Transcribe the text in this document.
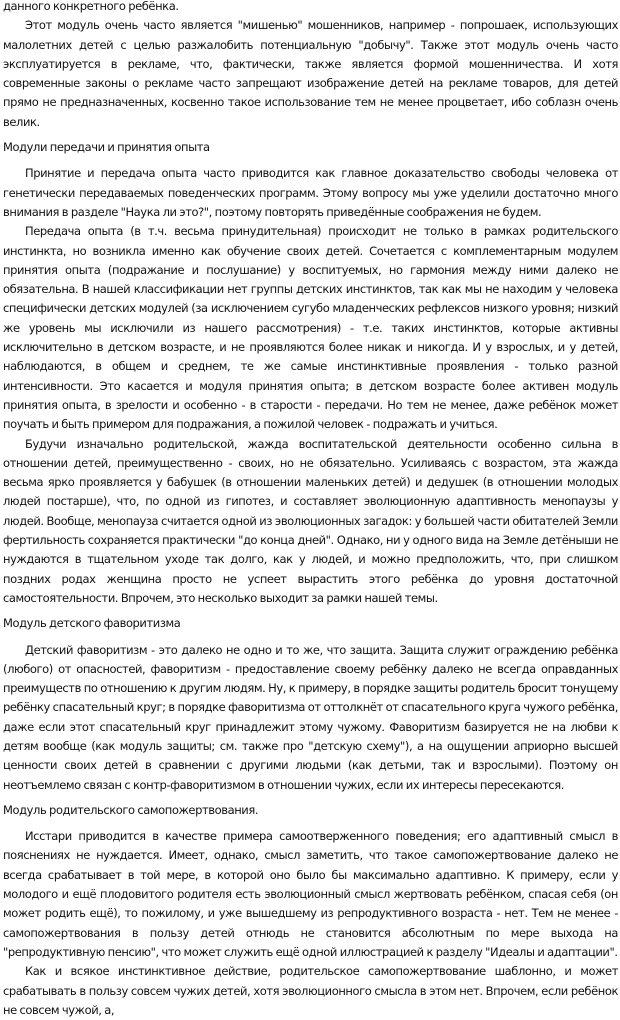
данного конкретного ребёнка.

Этот модуль очень часто является "мишенью" мошенников, например - попрошаек, использующих малолетних детей с целью разжалобить потенциальную "добычу". Также этот модуль очень часто эксплуатируется в рекламе, что, фактически, также является формой мошенничества. И хотя современные законы о рекламе часто запрещают изображение детей на рекламе товаров, для детей прямо не предназначенных, косвенно такое использование тем не менее процветает, ибо соблазн очень велик.

Модули передачи и принятия опыта

Принятие и передача опыта часто приводится как главное доказательство свободы человека от генетически передаваемых поведенческих программ. Этому вопросу мы уже уделили достаточно много внимания в разделе "Наука ли это?", поэтому повторять приведённые соображения не будем.

Передача опыта (в т.ч. весьма принудительная) происходит не только в рамках родительского инстинкта, но возникла именно как обучение своих детей. Сочетается с комплементарным модулем принятия опыта (подражание и послушание) у воспитуемых, но гармония между ними далеко не обязательна. В нашей классификации нет группы детских инстинктов, так как мы не находим у человека специфически детских модулей (за исключением сугубо младенческих рефлексов низкого уровня; низкий же уровень мы исключили из нашего рассмотрения) - т.е. таких инстинктов, которые активны исключительно в детском возрасте, и не проявляются более никак и никогда. И у взрослых, и у детей, наблюдаются, в общем и среднем, те же самые инстинктивные проявления - только разной интенсивности. Это касается и модуля принятия опыта; в детском возрасте более активен модуль принятия опыта, в зрелости и особенно - в старости - передачи. Но тем не менее, даже ребёнок может поучать и быть примером для подражания, а пожилой человек - подражать и учиться.

Будучи изначально родительской, жажда воспитательской деятельности особенно сильна в отношении детей, преимущественно - своих, но не обязательно. Усиливаясь с возрастом, эта жажда весьма ярко проявляется у бабушек (в отношении маленьких детей) и дедушек (в отношении молодых людей постарше), что, по одной из гипотез, и составляет эволюционную адаптивность менопаузы у людей. Вообще, менопауза считается одной из эволюционных загадок: у большей части обитателей Земли фертильность сохраняется практически "до конца дней". Однако, ни у одного вида на Земле детёныши не нуждаются в тщательном уходе так долго, как у людей, и можно предположить, что, при слишком поздних родах женщина просто не успеет вырастить этого ребёнка до уровня достаточной самостоятельности. Впрочем, это несколько выходит за рамки нашей темы.

Модуль детского фаворитизма

Детский фаворитизм - это далеко не одно и то же, что защита. Защита служит ограждению ребёнка (любого) от опасностей, фаворитизм - предоставление своему ребёнку далеко не всегда оправданных преимуществ по отношению к другим людям. Ну, к примеру, в порядке защиты родитель бросит тонущему ребёнку спасательный круг; в порядке фаворитизма от оттолкнёт от спасательного круга чужого ребёнка, даже если этот спасательный круг принадлежит этому чужому. Фаворитизм базируется не на любви к детям вообще (как модуль защиты; см. также про "детскую схему"), а на ощущении априорно высшей ценности своих детей в сравнении с другими людьми (как детьми, так и взрослыми). Поэтому он неотъемлемо связан с контр-фаворитизмом в отношении чужих, если их интересы пересекаются.

Модуль родительского самопожертвования.

Исстари приводится в качестве примера самоотверженного поведения; его адаптивный смысл в пояснениях не нуждается. Имеет, однако, смысл заметить, что такое самопожертвование далеко не всегда срабатывает в той мере, в которой оно было бы максимально адаптивно. К примеру, если у молодого и ещё плодовитого родителя есть эволюционный смысл жертвовать ребёнком, спасая себя (он может родить ещё), то пожилому, и уже вышедшему из репродуктивного возраста - нет. Тем не менее - самопожертвования в пользу детей отнюдь не становится абсолютным по мере выхода на "репродуктивную пенсию", что может служить ещё одной иллюстрацией к разделу "Идеалы и адаптации".

Как и всякое инстинктивное действие, родительское самопожертвование шаблонно, и может срабатывать в пользу совсем чужих детей, хотя эволюционного смысла в этом нет. Впрочем, если ребёнок не совсем чужой, а,
